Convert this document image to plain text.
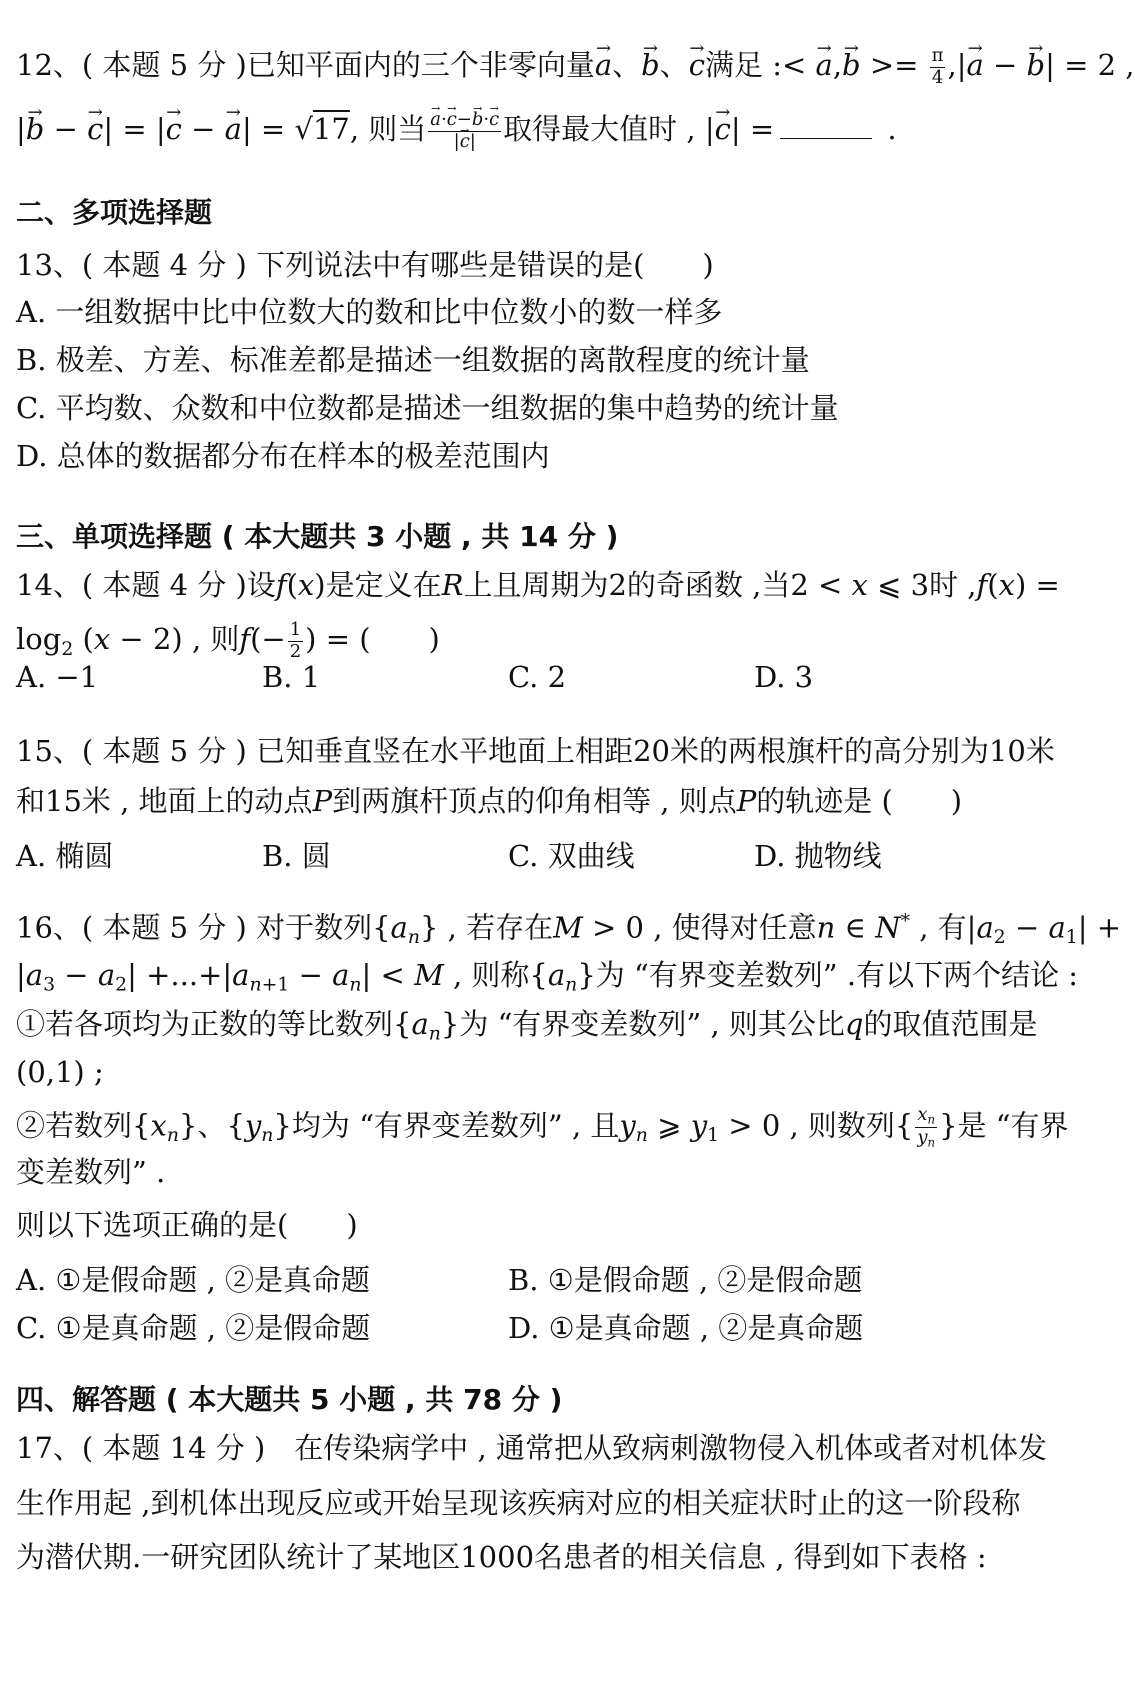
12、( 本题 5 分 )已知平面内的三个非零向量→ a、→ b、→ c满足 :< → $a,\to b >= \frac{\pi}{4}$ ,|→ a − → b| = 2 ,
|→ b − → c| = |→ c − → a| = √17, 则当 → $\frac{a\cdot\to c-\to b\cdot\to c}{|\to c|}$ 取得最大值时 , |→ c| =	.
二、多项选择题
13、( 本题 4 分 ) 下列说法中有哪些是错误的是(　　)
A. 一组数据中比中位数大的数和比中位数小的数一样多
B. 极差、方差、标准差都是描述一组数据的离散程度的统计量
C. 平均数、众数和中位数都是描述一组数据的集中趋势的统计量
D. 总体的数据都分布在样本的极差范围内
三、单项选择题 ( 本大题共 3 小题 , 共 14 分 )
14、( 本题 4 分 )设f(x)是定义在R上且周期为2的奇函数 ,当2 < x ⩽ 3时 ,f(x) =
$\log_2 (x - 2)$ , 则$f(- \frac{1}{2}$ ) = (　　)
A. −1	B. 1	C. 2	D. 3
15、( 本题 5 分 ) 已知垂直竖在水平地面上相距20米的两根旗杆的高分别为10米
和15米 , 地面上的动点P到两旗杆顶点的仰角相等 , 则点P的轨迹是 (　　)
A. 椭圆	B. 圆	C. 双曲线	D. 抛物线
16、( 本题 5 分 ) 对于数列$\{a_n\}$ , 若存在M > 0 , 使得对任意n ∈ N* , 有$|a_2 - a_1|$ +
$|a_3 - a_2| +...+|a_{n+1} - a_n| < M$ , 则称$\{a_n\}$为 “有界变差数列” .有以下两个结论 :
①若各项均为正数的等比数列$\{a_n\}$为 “有界变差数列” , 则其公比q的取值范围是
(0,1) ;
②若数列$\{x_n\}$、$\{y_n\}$均为 “有界变差数列” , 且$y_n$ ⩾ $y_1 > 0$ , 则数列{ $\frac{x_n}{y_n}$ }是 “有界
变差数列” .
则以下选项正确的是(　　)
A. ①是假命题 , ②是真命题	B. ①是假命题 , ②是假命题
C. ①是真命题 , ②是假命题	D. ①是真命题 , ②是真命题
四、解答题 ( 本大题共 5 小题 , 共 78 分 )
17、( 本题 14 分 )　在传染病学中 , 通常把从致病刺激物侵入机体或者对机体发
生作用起 ,到机体出现反应或开始呈现该疾病对应的相关症状时止的这一阶段称
为潜伏期.一研究团队统计了某地区1000名患者的相关信息 , 得到如下表格 :
